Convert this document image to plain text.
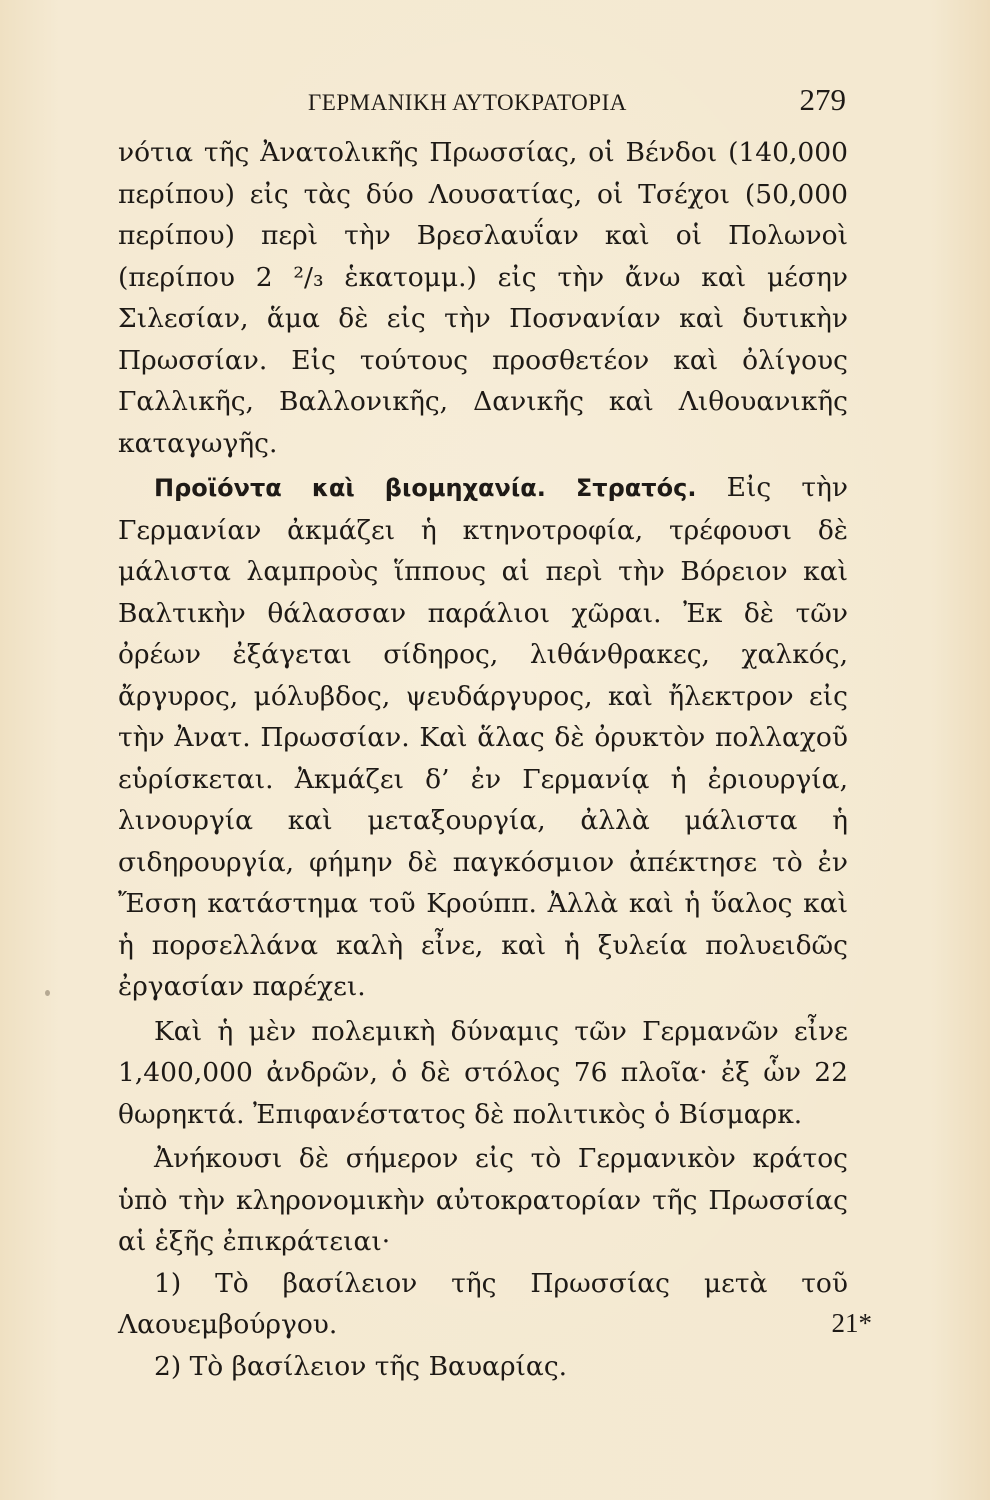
ΓΕΡΜΑΝΙΚΗ ΑΥΤΟΚΡΑΤΟΡΙΑ	279

νότια τῆς Ἀνατολικῆς Πρωσσίας, οἱ Βένδοι (140,000 περίπου) εἰς τὰς δύο Λουσατίας, οἱ Τσέχοι (50,000 περίπου) περὶ τὴν Βρεσλαυΐαν καὶ οἱ Πολωνοὶ (περίπου 2 ²/₃ ἑκατομμ.) εἰς τὴν ἄνω καὶ μέσην Σιλεσίαν, ἅμα δὲ εἰς τὴν Ποσνανίαν καὶ δυτικὴν Πρωσσίαν. Εἰς τούτους προσθετέον καὶ ὀλίγους Γαλλικῆς, Βαλλονικῆς, Δανικῆς καὶ Λιθουανικῆς καταγωγῆς.

Προϊόντα καὶ βιομηχανία. Στρατός. Εἰς τὴν Γερμανίαν ἀκμάζει ἡ κτηνοτροφία, τρέφουσι δὲ μάλιστα λαμπροὺς ἵππους αἱ περὶ τὴν Βόρειον καὶ Βαλτικὴν θάλασσαν παράλιοι χῶραι. Ἐκ δὲ τῶν ὀρέων ἐξάγεται σίδηρος, λιθάνθρακες, χαλκός, ἄργυρος, μόλυβδος, ψευδάργυρος, καὶ ἤλεκτρον εἰς τὴν Ἀνατ. Πρωσσίαν. Καὶ ἅλας δὲ ὀρυκτὸν πολλαχοῦ εὑρίσκεται. Ἀκμάζει δ’ ἐν Γερμανίᾳ ἡ ἐριουργία, λινουργία καὶ μεταξουργία, ἀλλὰ μάλιστα ἡ σιδηρουργία, φήμην δὲ παγκόσμιον ἀπέκτησε τὸ ἐν Ἔσση κατάστημα τοῦ Κρούππ. Ἀλλὰ καὶ ἡ ὕαλος καὶ ἡ πορσελλάνα καλὴ εἶνε, καὶ ἡ ξυλεία πολυειδῶς ἐργασίαν παρέχει.

Καὶ ἡ μὲν πολεμικὴ δύναμις τῶν Γερμανῶν εἶνε 1,400,000 ἀνδρῶν, ὁ δὲ στόλος 76 πλοῖα· ἐξ ὧν 22 θωρηκτά. Ἐπιφανέστατος δὲ πολιτικὸς ὁ Βίσμαρκ.

Ἀνήκουσι δὲ σήμερον εἰς τὸ Γερμανικὸν κράτος ὑπὸ τὴν κληρονομικὴν αὐτοκρατορίαν τῆς Πρωσσίας αἱ ἑξῆς ἐπικράτειαι·

1) Τὸ βασίλειον τῆς Πρωσσίας μετὰ τοῦ Λαουεμβούργου.

2) Τὸ βασίλειον τῆς Βαυαρίας.

21*
